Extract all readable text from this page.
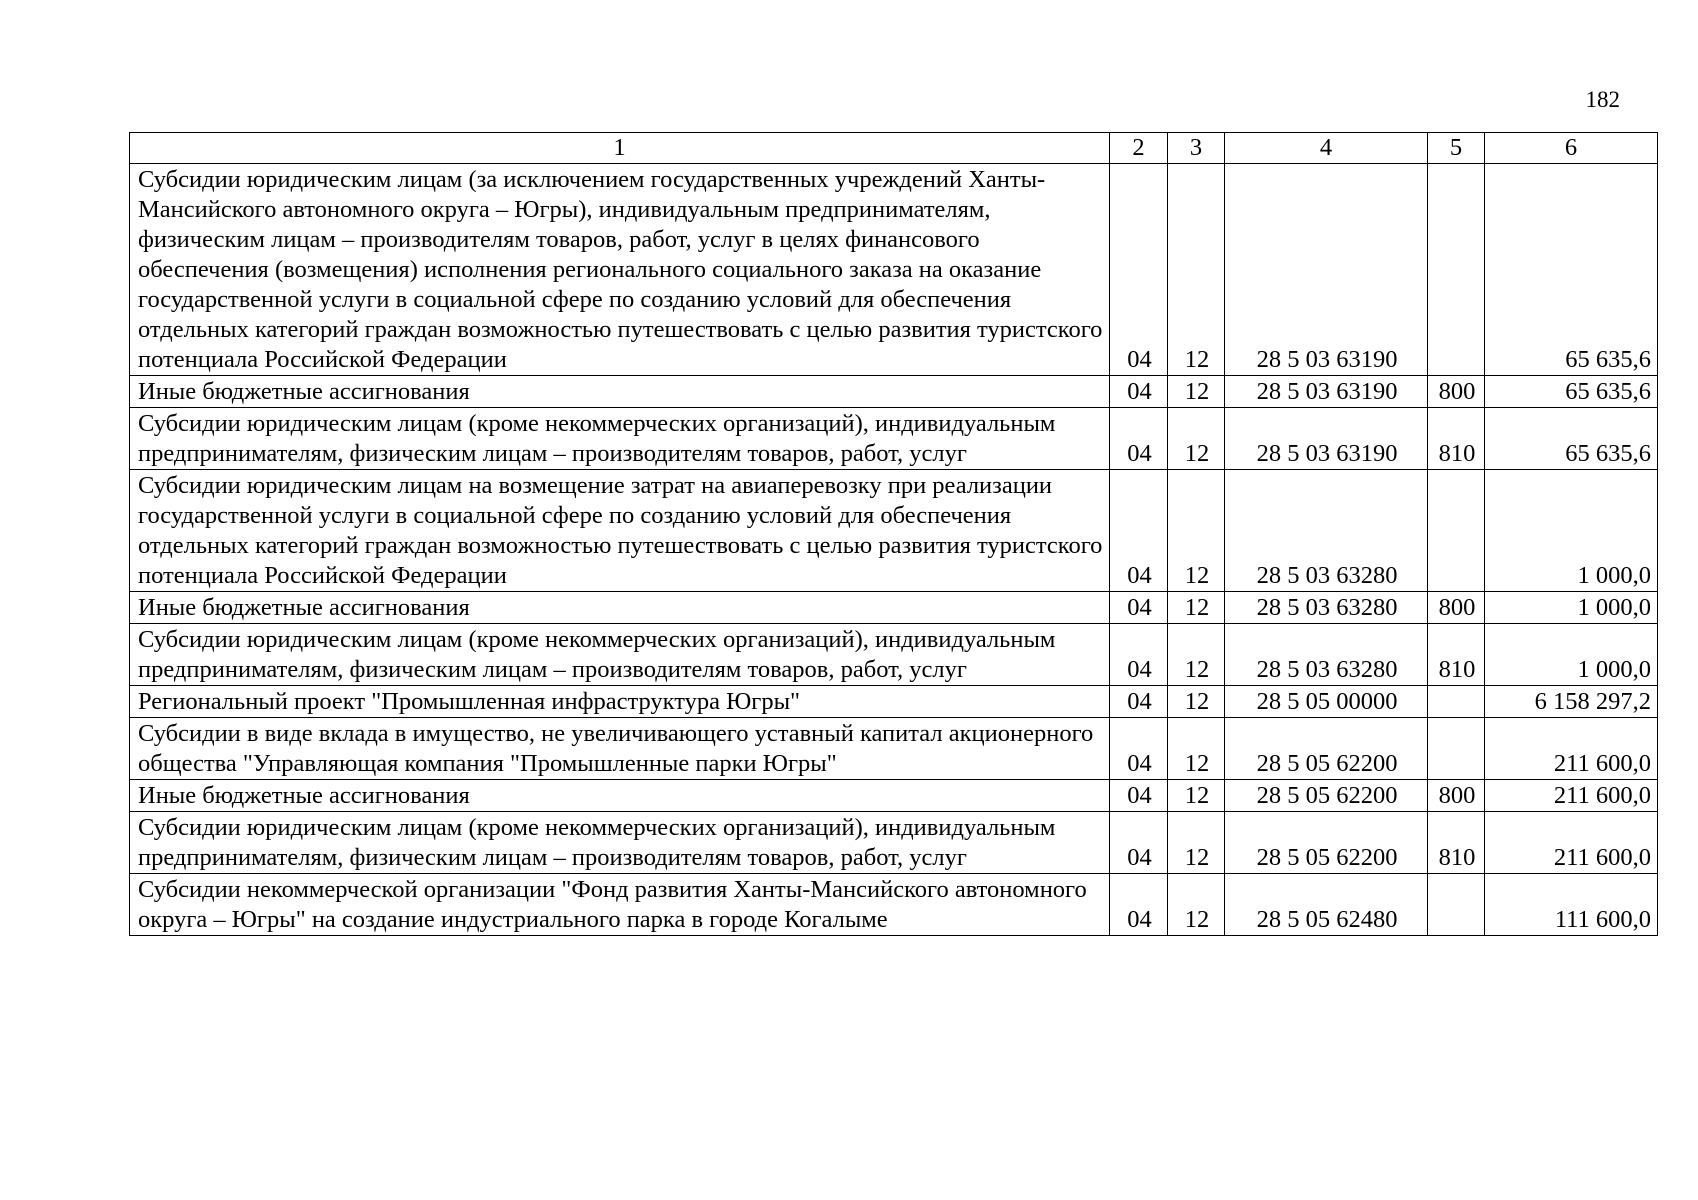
182
1	2	3	4	5	6
Субсидии юридическим лицам (за исключением государственных учреждений Ханты-Мансийского автономного округа – Югры), индивидуальным предпринимателям, физическим лицам – производителям товаров, работ, услуг в целях финансового обеспечения (возмещения) исполнения регионального социального заказа на оказание государственной услуги в социальной сфере по созданию условий для обеспечения отдельных категорий граждан возможностью путешествовать с целью развития туристского потенциала Российской Федерации	04	12	28 5 03 63190		65 635,6
Иные бюджетные ассигнования	04	12	28 5 03 63190	800	65 635,6
Субсидии юридическим лицам (кроме некоммерческих организаций), индивидуальным предпринимателям, физическим лицам – производителям товаров, работ, услуг	04	12	28 5 03 63190	810	65 635,6
Субсидии юридическим лицам на возмещение затрат на авиаперевозку при реализации государственной услуги в социальной сфере по созданию условий для обеспечения отдельных категорий граждан возможностью путешествовать с целью развития туристского потенциала Российской Федерации	04	12	28 5 03 63280		1 000,0
Иные бюджетные ассигнования	04	12	28 5 03 63280	800	1 000,0
Субсидии юридическим лицам (кроме некоммерческих организаций), индивидуальным предпринимателям, физическим лицам – производителям товаров, работ, услуг	04	12	28 5 03 63280	810	1 000,0
Региональный проект "Промышленная инфраструктура Югры"	04	12	28 5 05 00000		6 158 297,2
Субсидии в виде вклада в имущество, не увеличивающего уставный капитал акционерного общества "Управляющая компания "Промышленные парки Югры"	04	12	28 5 05 62200		211 600,0
Иные бюджетные ассигнования	04	12	28 5 05 62200	800	211 600,0
Субсидии юридическим лицам (кроме некоммерческих организаций), индивидуальным предпринимателям, физическим лицам – производителям товаров, работ, услуг	04	12	28 5 05 62200	810	211 600,0
Субсидии некоммерческой организации "Фонд развития Ханты-Мансийского автономного округа – Югры" на создание индустриального парка в городе Когалыме	04	12	28 5 05 62480		111 600,0
